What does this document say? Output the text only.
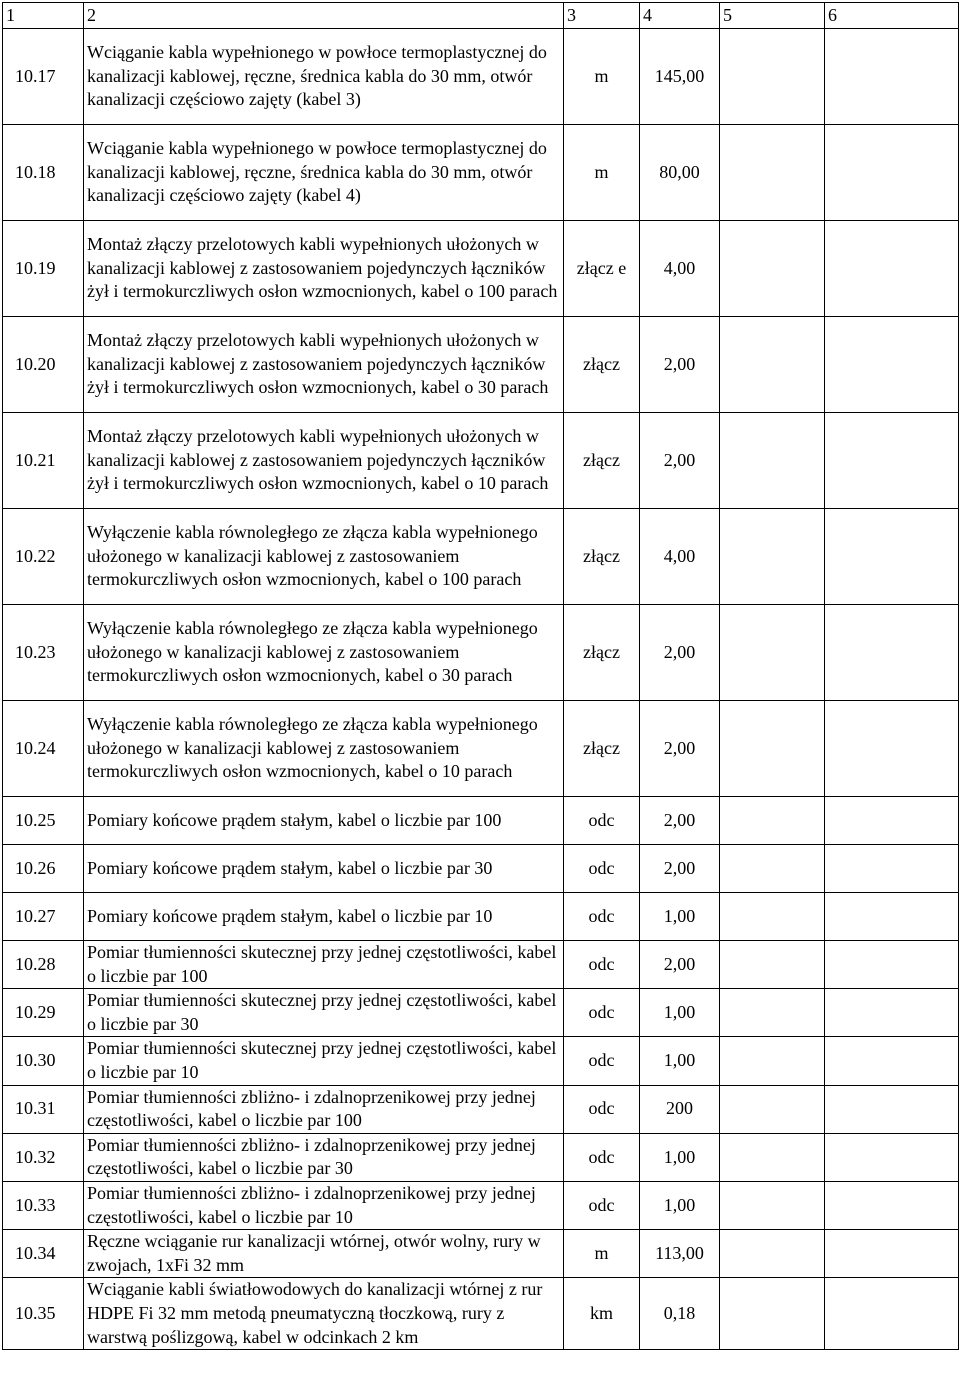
1	2	3	4	5	6
10.17	Wciąganie kabla wypełnionego w powłoce termoplastycznej do kanalizacji kablowej, ręczne, średnica kabla do 30 mm, otwór kanalizacji częściowo zajęty (kabel 3)	m	145,00		
10.18	Wciąganie kabla wypełnionego w powłoce termoplastycznej do kanalizacji kablowej, ręczne, średnica kabla do 30 mm, otwór kanalizacji częściowo zajęty (kabel 4)	m	80,00		
10.19	Montaż złączy przelotowych kabli wypełnionych ułożonych w kanalizacji kablowej z zastosowaniem pojedynczych łączników żył i termokurczliwych osłon wzmocnionych, kabel o 100 parach	złącz e	4,00		
10.20	Montaż złączy przelotowych kabli wypełnionych ułożonych w kanalizacji kablowej z zastosowaniem pojedynczych łączników żył i termokurczliwych osłon wzmocnionych, kabel o 30 parach	złącz	2,00		
10.21	Montaż złączy przelotowych kabli wypełnionych ułożonych w kanalizacji kablowej z zastosowaniem pojedynczych łączników żył i termokurczliwych osłon wzmocnionych, kabel o 10 parach	złącz	2,00		
10.22	Wyłączenie kabla równoległego ze złącza kabla wypełnionego ułożonego w kanalizacji kablowej z zastosowaniem termokurczliwych osłon wzmocnionych, kabel o 100 parach	złącz	4,00		
10.23	Wyłączenie kabla równoległego ze złącza kabla wypełnionego ułożonego w kanalizacji kablowej z zastosowaniem termokurczliwych osłon wzmocnionych, kabel o 30 parach	złącz	2,00		
10.24	Wyłączenie kabla równoległego ze złącza kabla wypełnionego ułożonego w kanalizacji kablowej z zastosowaniem termokurczliwych osłon wzmocnionych, kabel o 10 parach	złącz	2,00		
10.25	Pomiary końcowe prądem stałym, kabel o liczbie par 100	odc	2,00		
10.26	Pomiary końcowe prądem stałym, kabel o liczbie par 30	odc	2,00		
10.27	Pomiary końcowe prądem stałym, kabel o liczbie par 10	odc	1,00		
10.28	Pomiar tłumienności skutecznej przy jednej częstotliwości, kabel o liczbie par 100	odc	2,00		
10.29	Pomiar tłumienności skutecznej przy jednej częstotliwości, kabel o liczbie par 30	odc	1,00		
10.30	Pomiar tłumienności skutecznej przy jednej częstotliwości, kabel o liczbie par 10	odc	1,00		
10.31	Pomiar tłumienności zbliżno- i zdalnoprzenikowej przy jednej częstotliwości, kabel o liczbie par 100	odc	200		
10.32	Pomiar tłumienności zbliżno- i zdalnoprzenikowej przy jednej częstotliwości, kabel o liczbie par 30	odc	1,00		
10.33	Pomiar tłumienności zbliżno- i zdalnoprzenikowej przy jednej częstotliwości, kabel o liczbie par 10	odc	1,00		
10.34	Ręczne wciąganie rur kanalizacji wtórnej, otwór wolny, rury w zwojach, 1xFi 32 mm	m	113,00		
10.35	Wciąganie kabli światłowodowych do kanalizacji wtórnej z rur HDPE Fi 32 mm metodą pneumatyczną tłoczkową, rury z warstwą poślizgową, kabel w odcinkach 2 km	km	0,18		
